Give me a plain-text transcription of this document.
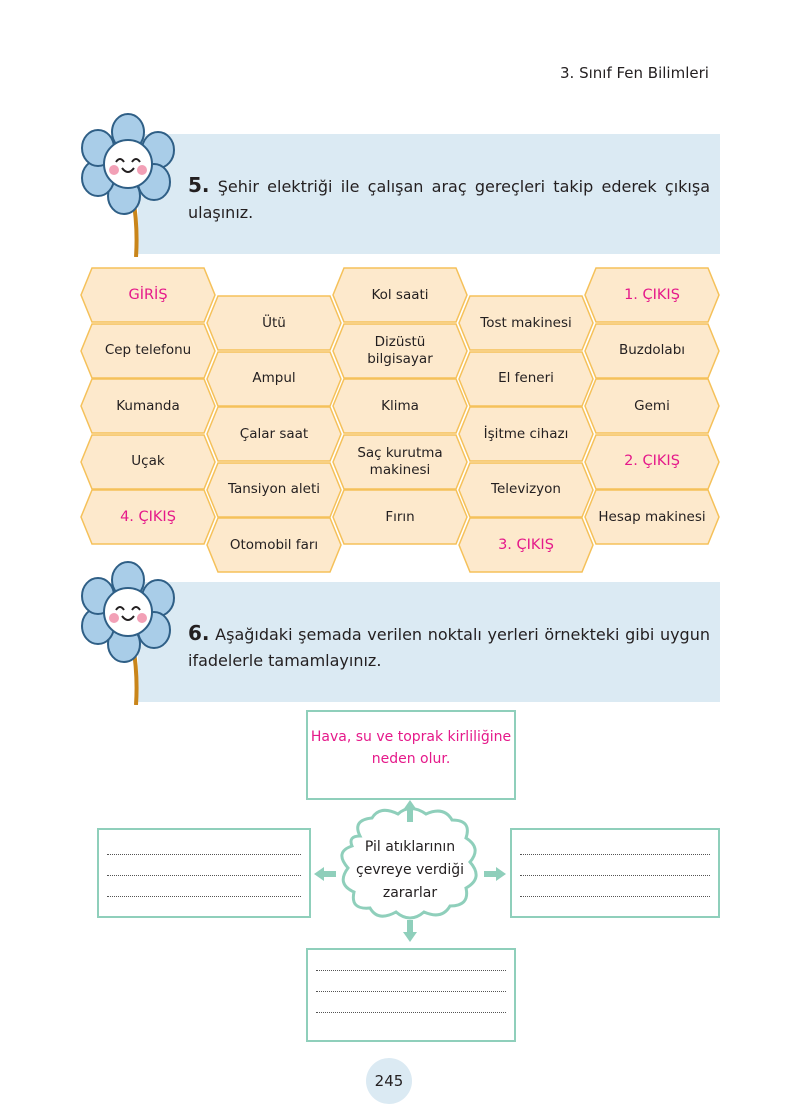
3. Sınıf Fen Bilimleri
5. Şehir elektriği ile çalışan araç gereçleri takip ederek çıkışa ulaşınız.
GİRİŞ
Cep telefonu
Kumanda
Uçak
4. ÇIKIŞ
Ütü
Ampul
Çalar saat
Tansiyon aleti
Otomobil farı
Kol saati
Dizüstü bilgisayar
Klima
Saç kurutma makinesi
Fırın
Tost makinesi
El feneri
İşitme cihazı
Televizyon
3. ÇIKIŞ
1. ÇIKIŞ
Buzdolabı
Gemi
2. ÇIKIŞ
Hesap makinesi
6. Aşağıdaki şemada verilen noktalı yerleri örnekteki gibi uygun ifadelerle tamamlayınız.
Hava, su ve toprak kirliliğine neden olur.
Pil atıklarının çevreye verdiği zararlar
245
